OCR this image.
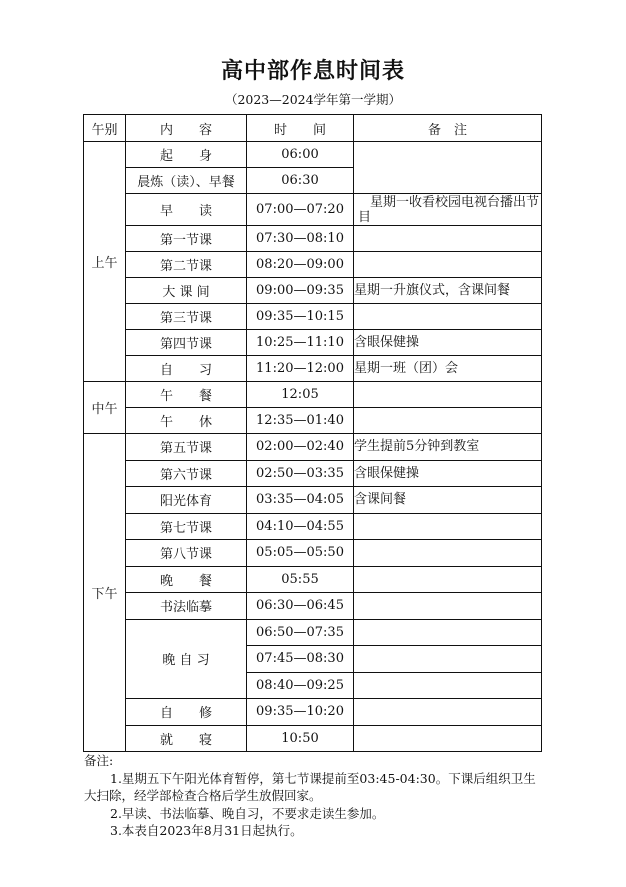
高中部作息时间表
（2023—2024学年第一学期）
午别	内　　容	时　　间	备　注
上午	起　　身	06:00	
	晨炼（读）、早餐	06:30	
	早　　读	07:00—07:20	星期一收看校园电视台播出节目
	第一节课	07:30—08:10	
	第二节课	08:20—09:00	
	大 课 间	09:00—09:35	星期一升旗仪式，含课间餐
	第三节课	09:35—10:15	
	第四节课	10:25—11:10	含眼保健操
	自　　习	11:20—12:00	星期一班（团）会
中午	午　　餐	12:05	
	午　　休	12:35—01:40	
下午	第五节课	02:00—02:40	学生提前5分钟到教室
	第六节课	02:50—03:35	含眼保健操
	阳光体育	03:35—04:05	含课间餐
	第七节课	04:10—04:55	
	第八节课	05:05—05:50	
	晚　　餐	05:55	
	书法临摹	06:30—06:45	
	晚 自 习	06:50—07:35	
		07:45—08:30	
		08:40—09:25	
	自　　修	09:35—10:20	
	就　　寝	10:50	

备注:

1.星期五下午阳光体育暂停，第七节课提前至03:45-04:30。下课后组织卫生大扫除，经学部检查合格后学生放假回家。

2.早读、书法临摹、晚自习，不要求走读生参加。

3.本表自2023年8月31日起执行。
